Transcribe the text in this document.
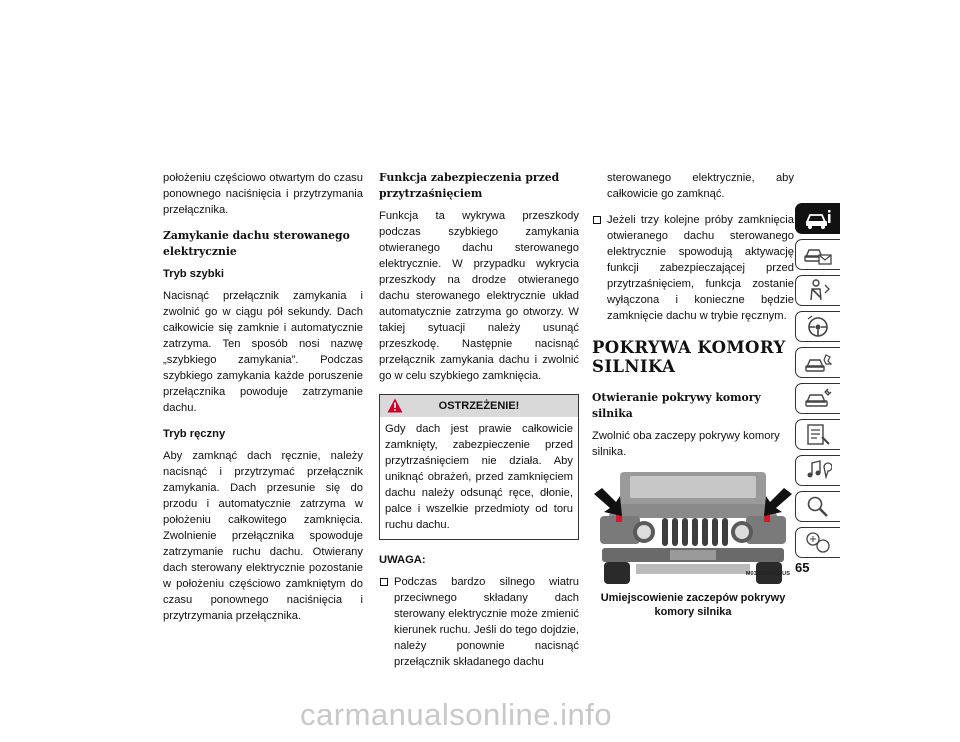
położeniu częściowo otwartym do czasu ponownego naciśnięcia i przytrzymania przełącznika.

Zamykanie dachu sterowanego elektrycznie
Tryb szybki

Nacisnąć przełącznik zamykania i zwolnić go w ciągu pół sekundy. Dach całkowicie się zamknie i automatycznie zatrzyma. Ten sposób nosi nazwę „szybkiego zamykania”. Podczas szybkiego zamykania każde poruszenie przełącznika powoduje zatrzymanie dachu.

Tryb ręczny

Aby zamknąć dach ręcznie, należy nacisnąć i przytrzymać przełącznik zamykania. Dach przesunie się do przodu i automatycznie zatrzyma w położeniu całkowitego zamknięcia. Zwolnienie przełącznika spowoduje zatrzymanie ruchu dachu. Otwierany dach sterowany elektrycznie pozostanie w położeniu częściowo zamkniętym do czasu ponownego naciśnięcia i przytrzymania przełącznika.

Funkcja zabezpieczenia przed przytrzaśnięciem

Funkcja ta wykrywa przeszkody podczas szybkiego zamykania otwieranego dachu sterowanego elektrycznie. W przypadku wykrycia przeszkody na drodze otwieranego dachu sterowanego elektrycznie układ automatycznie zatrzyma go otworzy. W takiej sytuacji należy usunąć przeszkodę. Następnie nacisnąć przełącznik zamykania dachu i zwolnić go w celu szybkiego zamknięcia.

OSTRZEŻENIE!

Gdy dach jest prawie całkowicie zamknięty, zabezpieczenie przed przytrzaśnięciem nie działa. Aby uniknąć obrażeń, przed zamknięciem dachu należy odsunąć ręce, dłonie, palce i wszelkie przedmioty od toru ruchu dachu.

UWAGA:
Podczas bardzo silnego wiatru przeciwnego składany dach sterowany elektrycznie może zmienić kierunek ruchu. Jeśli do tego dojdzie, należy ponownie nacisnąć przełącznik składanego dachu

sterowanego elektrycznie, aby całkowicie go zamknąć.

Jeżeli trzy kolejne próby zamknięcia otwieranego dachu sterowanego elektrycznie spowodują aktywację funkcji zabezpieczającej przed przytrzaśnięciem, funkcja zostanie wyłączona i konieczne będzie zamknięcie dachu w trybie ręcznym.
POKRYWA KOMORY SILNIKA
Otwieranie pokrywy komory silnika

Zwolnić oba zaczepy pokrywy komory silnika.

M0337000001US
Umiejscowienie zaczepów pokrywy komory silnika
65
carmanualsonline.info
